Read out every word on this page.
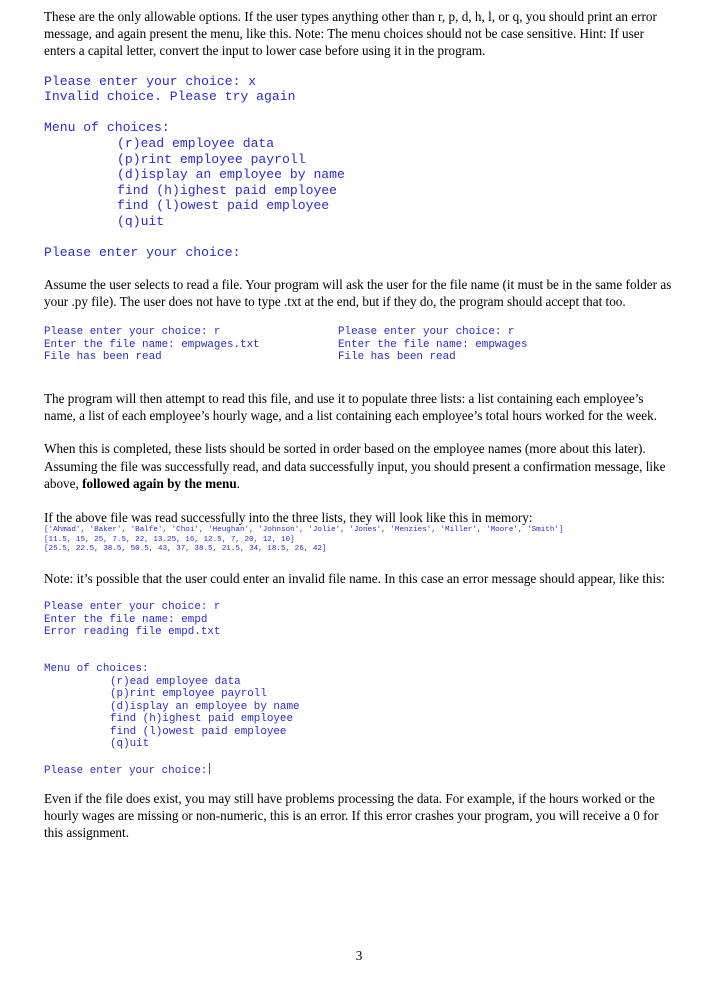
These are the only allowable options. If the user types anything other than r, p, d, h, l, or q, you should print an error message, and again present the menu, like this. Note: The menu choices should not be case sensitive. Hint: If user enters a capital letter, convert the input to lower case before using it in the program.

Please enter your choice: x
Invalid choice. Please try again
Menu of choices:
(r)ead employee data
(p)rint employee payroll
(d)isplay an employee by name
find (h)ighest paid employee
find (l)owest paid employee
(q)uit
Please enter your choice:

Assume the user selects to read a file. Your program will ask the user for the file name (it must be in the same folder as your .py file). The user does not have to type .txt at the end, but if they do, the program should accept that too.

Please enter your choice: r
Enter the file name: empwages.txt
File has been read
Please enter your choice: r
Enter the file name: empwages
File has been read

The program will then attempt to read this file, and use it to populate three lists: a list containing each employee’s name, a list of each employee’s hourly wage, and a list containing each employee’s total hours worked for the week.

When this is completed, these lists should be sorted in order based on the employee names (more about this later). Assuming the file was successfully read, and data successfully input, you should present a confirmation message, like above, followed again by the menu.

If the above file was read successfully into the three lists, they will look like this in memory:

['Ahmad', 'Baker', 'Balfe', 'Choi', 'Heughan', 'Johnson', 'Jolie', 'Jones', 'Menzies', 'Miller', 'Moore', 'Smith']
[11.5, 15, 25, 7.5, 22, 13.25, 16, 12.5, 7, 20, 12, 10]
[25.5, 22.5, 38.5, 50.5, 43, 37, 38.5, 21.5, 34, 18.5, 26, 42]

Note: it’s possible that the user could enter an invalid file name. In this case an error message should appear, like this:

Please enter your choice: r
Enter the file name: empd
Error reading file empd.txt
Menu of choices:
(r)ead employee data
(p)rint employee payroll
(d)isplay an employee by name
find (h)ighest paid employee
find (l)owest paid employee
(q)uit
Please enter your choice:

Even if the file does exist, you may still have problems processing the data. For example, if the hours worked or the hourly wages are missing or non-numeric, this is an error. If this error crashes your program, you will receive a 0 for this assignment.

3
